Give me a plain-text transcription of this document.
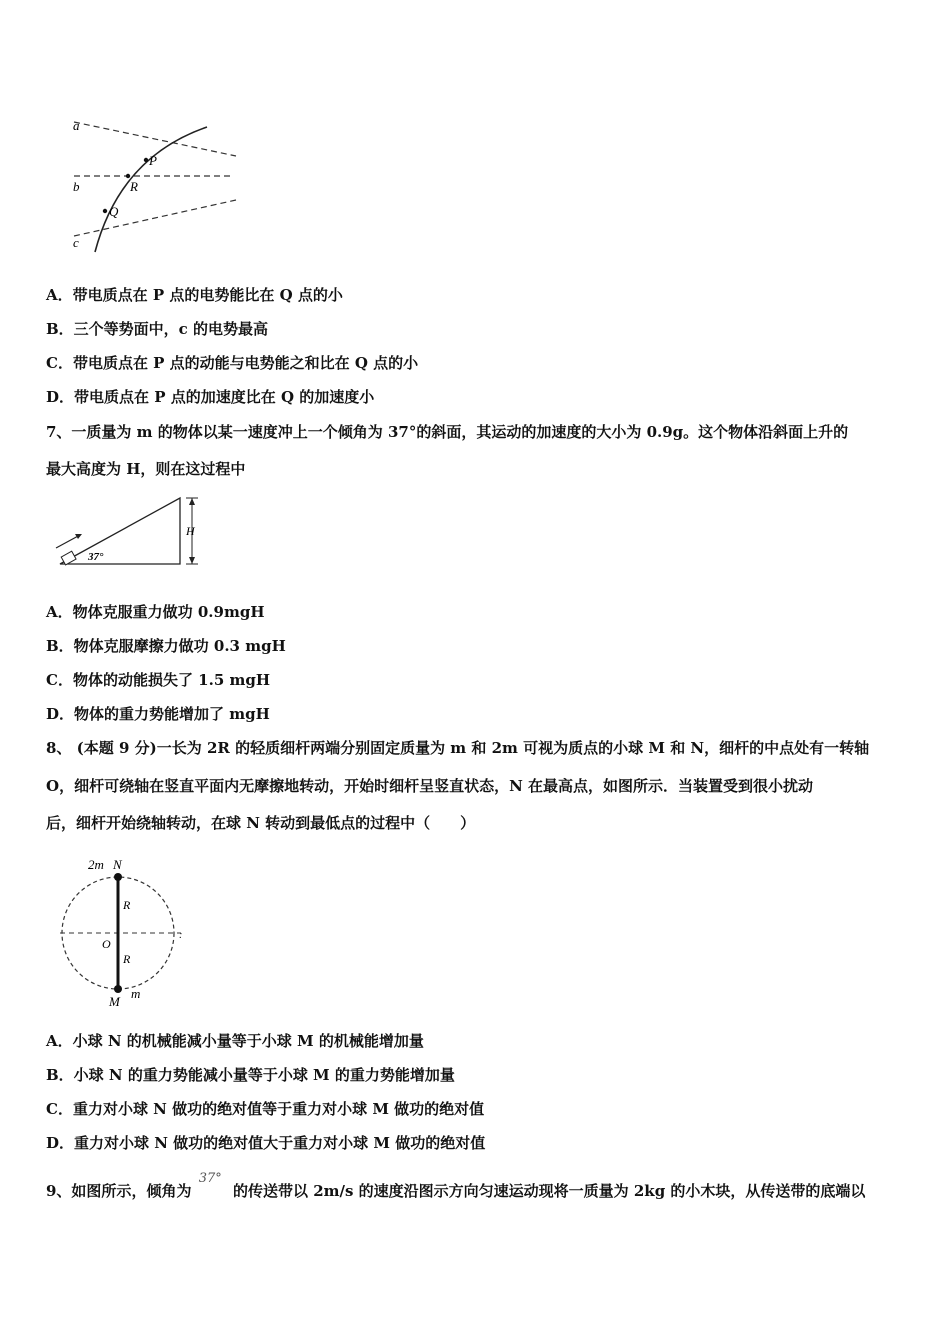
a
b
c
P
R
Q
A．带电质点在 P 点的电势能比在 Q 点的小
B．三个等势面中，c 的电势最高
C．带电质点在 P 点的动能与电势能之和比在 Q 点的小
D．带电质点在 P 点的加速度比在 Q 的加速度小
7、一质量为 m 的物体以某一速度冲上一个倾角为 37°的斜面，其运动的加速度的大小为 0.9g。这个物体沿斜面上升的
最大高度为 H，则在这过程中
37°
H
A．物体克服重力做功 0.9mgH
B．物体克服摩擦力做功 0.3 mgH
C．物体的动能损失了 1.5 mgH
D．物体的重力势能增加了 mgH
8、 (本题 9 分)一长为 2R 的轻质细杆两端分别固定质量为 m 和 2m 可视为质点的小球 M 和 N，细杆的中点处有一转轴
O，细杆可绕轴在竖直平面内无摩擦地转动，开始时细杆呈竖直状态，N 在最高点，如图所示．当装置受到很小扰动
后，细杆开始绕轴转动，在球 N 转动到最低点的过程中（　　）
2m N
R
O
R
M
m
:
A．小球 N 的机械能减小量等于小球 M 的机械能增加量
B．小球 N 的重力势能减小量等于小球 M 的重力势能增加量
C．重力对小球 N 做功的绝对值等于重力对小球 M 做功的绝对值
D．重力对小球 N 做功的绝对值大于重力对小球 M 做功的绝对值
9、如图所示，倾角为 37° 的传送带以 2m/s 的速度沿图示方向匀速运动现将一质量为 2kg 的小木块，从传送带的底端以
